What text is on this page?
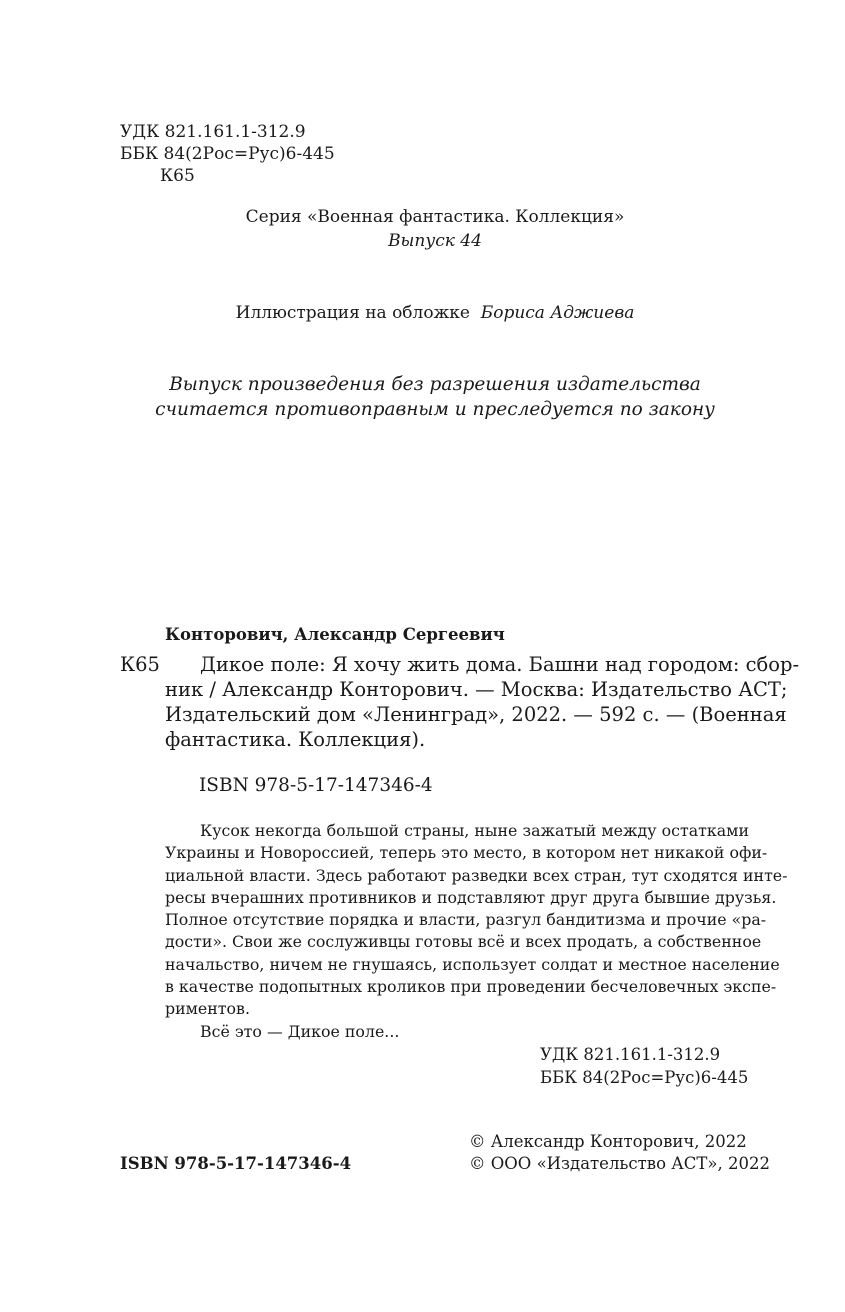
УДК 821.161.1-312.9
ББК 84(2Рос=Рус)6-445
К65
Серия «Военная фантастика. Коллекция»
Выпуск 44
Иллюстрация на обложке Бориса Аджиева
Выпуск произведения без разрешения издательства
считается противоправным и преследуется по закону
Конторович, Александр Сергеевич
К65	Дикое поле: Я хочу жить дома. Башни над городом: сбор-
ник / Александр Конторович. — Москва: Издательство АСТ;
Издательский дом «Ленинград», 2022. — 592 с. — (Военная
фантастика. Коллекция).
ISBN 978-5-17-147346-4
Кусок некогда большой страны, ныне зажатый между остатками
Украины и Новороссией, теперь это место, в котором нет никакой офи-
циальной власти. Здесь работают разведки всех стран, тут сходятся инте-
ресы вчерашних противников и подставляют друг друга бывшие друзья.
Полное отсутствие порядка и власти, разгул бандитизма и прочие «ра-
дости». Свои же сослуживцы готовы всё и всех продать, а собственное
начальство, ничем не гнушаясь, использует солдат и местное население
в качестве подопытных кроликов при проведении бесчеловечных экспе-
риментов.
Всё это — Дикое поле...
УДК 821.161.1-312.9
ББК 84(2Рос=Рус)6-445
ISBN 978-5-17-147346-4
© Александр Конторович, 2022
© ООО «Издательство АСТ», 2022
